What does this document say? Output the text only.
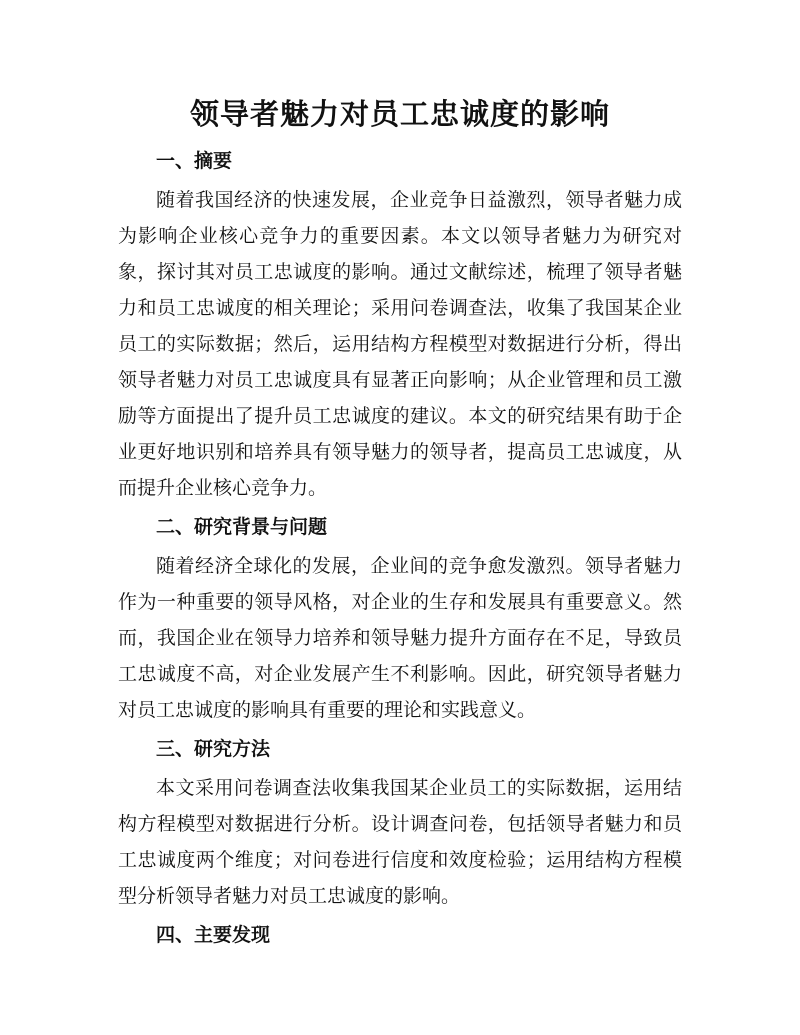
领导者魅力对员工忠诚度的影响
一、摘要

随着我国经济的快速发展，企业竞争日益激烈，领导者魅力成为影响企业核心竞争力的重要因素。本文以领导者魅力为研究对象，探讨其对员工忠诚度的影响。通过文献综述，梳理了领导者魅力和员工忠诚度的相关理论；采用问卷调查法，收集了我国某企业员工的实际数据；然后，运用结构方程模型对数据进行分析，得出领导者魅力对员工忠诚度具有显著正向影响；从企业管理和员工激励等方面提出了提升员工忠诚度的建议。本文的研究结果有助于企业更好地识别和培养具有领导魅力的领导者，提高员工忠诚度，从而提升企业核心竞争力。

二、研究背景与问题

随着经济全球化的发展，企业间的竞争愈发激烈。领导者魅力作为一种重要的领导风格，对企业的生存和发展具有重要意义。然而，我国企业在领导力培养和领导魅力提升方面存在不足，导致员工忠诚度不高，对企业发展产生不利影响。因此，研究领导者魅力对员工忠诚度的影响具有重要的理论和实践意义。

三、研究方法

本文采用问卷调查法收集我国某企业员工的实际数据，运用结构方程模型对数据进行分析。设计调查问卷，包括领导者魅力和员工忠诚度两个维度；对问卷进行信度和效度检验；运用结构方程模型分析领导者魅力对员工忠诚度的影响。

四、主要发现
